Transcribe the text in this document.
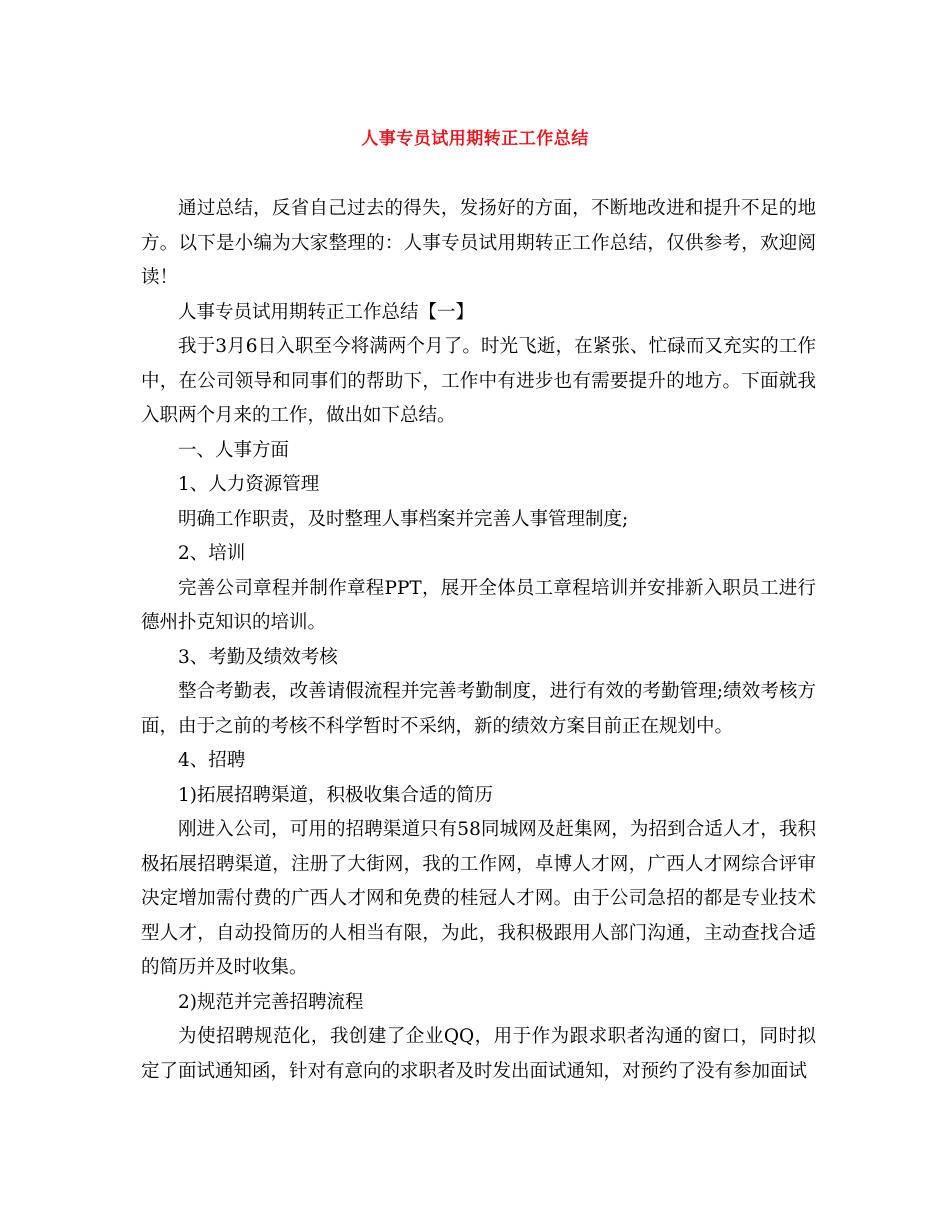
人事专员试用期转正工作总结

通过总结，反省自己过去的得失，发扬好的方面，不断地改进和提升不足的地方。以下是小编为大家整理的：人事专员试用期转正工作总结，仅供参考，欢迎阅读！

人事专员试用期转正工作总结【一】

我于3月6日入职至今将满两个月了。时光飞逝，在紧张、忙碌而又充实的工作中，在公司领导和同事们的帮助下，工作中有进步也有需要提升的地方。下面就我入职两个月来的工作，做出如下总结。

一、人事方面

1、人力资源管理

明确工作职责，及时整理人事档案并完善人事管理制度;

2、培训

完善公司章程并制作章程PPT，展开全体员工章程培训并安排新入职员工进行德州扑克知识的培训。

3、考勤及绩效考核

整合考勤表，改善请假流程并完善考勤制度，进行有效的考勤管理;绩效考核方面，由于之前的考核不科学暂时不采纳，新的绩效方案目前正在规划中。

4、招聘

1)拓展招聘渠道，积极收集合适的简历

刚进入公司，可用的招聘渠道只有58同城网及赶集网，为招到合适人才，我积极拓展招聘渠道，注册了大街网，我的工作网，卓博人才网，广西人才网综合评审决定增加需付费的广西人才网和免费的桂冠人才网。由于公司急招的都是专业技术型人才，自动投简历的人相当有限，为此，我积极跟用人部门沟通，主动查找合适的简历并及时收集。

2)规范并完善招聘流程

为使招聘规范化，我创建了企业QQ，用于作为跟求职者沟通的窗口，同时拟定了面试通知函，针对有意向的求职者及时发出面试通知，对预约了没有参加面试
